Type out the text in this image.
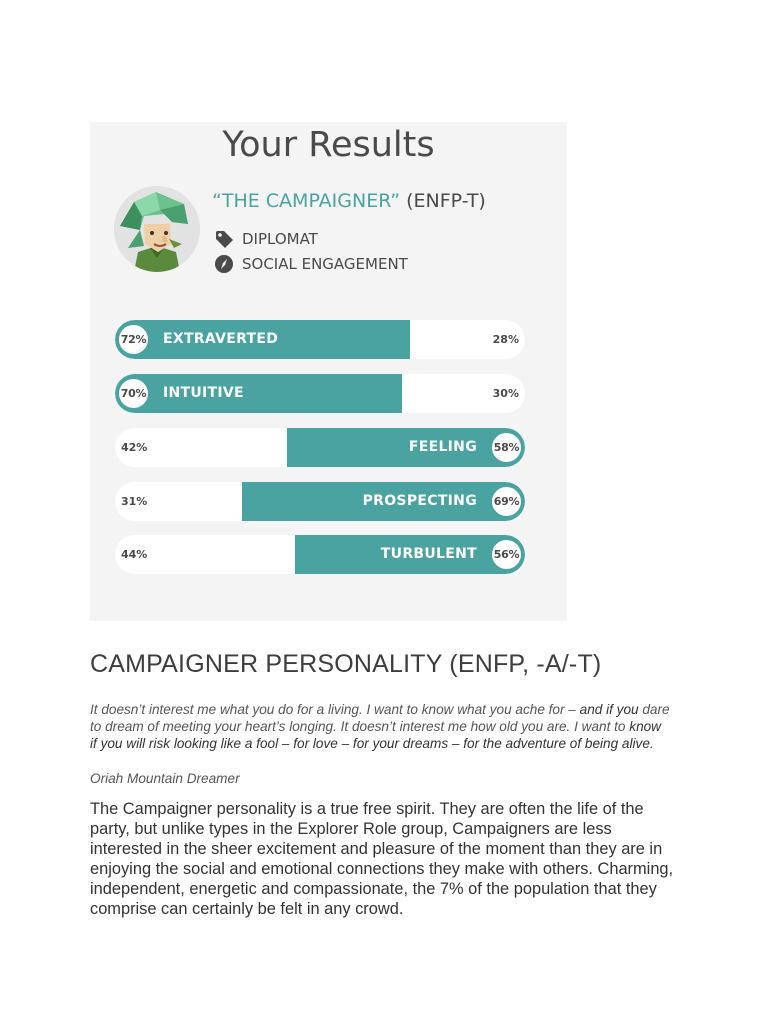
Your Results
“THE CAMPAIGNER” (ENFP-T)
DIPLOMAT
SOCIAL ENGAGEMENT
72% EXTRAVERTED	28%
70% INTUITIVE	30%
58%
FEELING
42%
69%
PROSPECTING
31%
56%
TURBULENT
44%
CAMPAIGNER PERSONALITY (ENFP, -A/-T)
It doesn’t interest me what you do for a living. I want to know what you ache for – and if you dare to dream of meeting your heart’s longing. It doesn’t interest me how old you are. I want to know if you will risk looking like a fool – for love – for your dreams – for the adventure of being alive.
Oriah Mountain Dreamer
The Campaigner personality is a true free spirit. They are often the life of the party, but unlike types in the Explorer Role group, Campaigners are less interested in the sheer excitement and pleasure of the moment than they are in enjoying the social and emotional connections they make with others. Charming, independent, energetic and compassionate, the 7% of the population that they comprise can certainly be felt in any crowd.
